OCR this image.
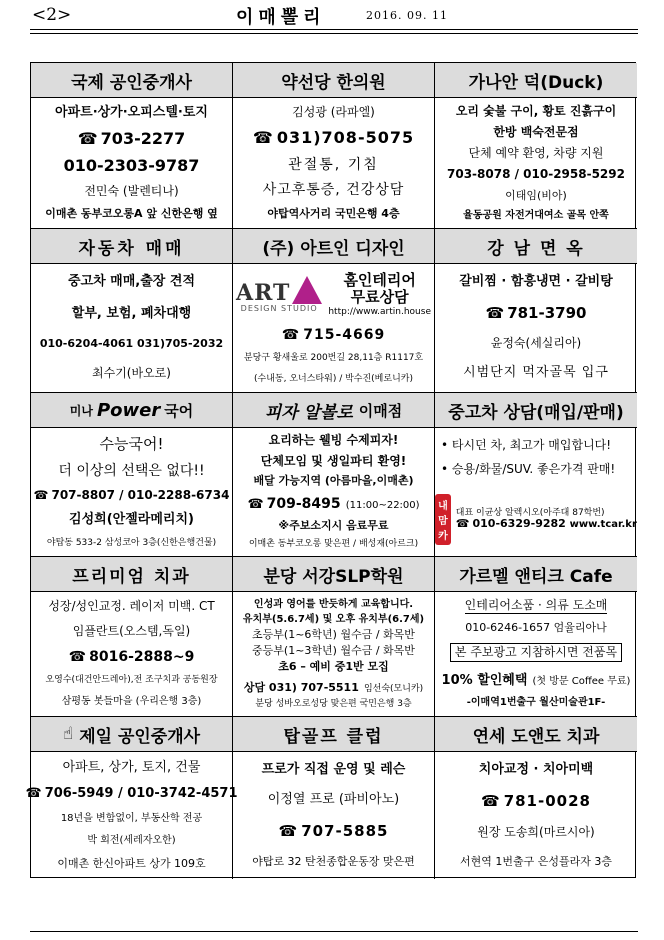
<2>	이매뽈리	2016. 09. 11
국제 공인중개사
아파트·상가·오피스텔·토지
☎ 703-2277
010-2303-9787
전민숙 (발렌티나)
이매촌 동부코오롱A 앞 신한은행 옆
약선당 한의원
김성광 (라파엘)
☎ 031)708-5075
관절통, 기침
사고후통증, 건강상담
야탑역사거리 국민은행 4층
가나안 덕(Duck)
오리 숯불 구이, 황토 진흙구이
한방 백숙전문점
단체 예약 환영, 차량 지원
703-8078 / 010-2958-5292
이태임(비아)
율동공원 자전거대여소 골목 안쪽
자동차 매매
중고차 매매,출장 견적
할부, 보험, 폐차대행
010-6204-4061 031)705-2032
최수기(바오로)
(주) 아트인 디자인
ART
DESIGN STUDIO
홈인테리어
무료상담
http://www.artin.house
☎ 715-4669
분당구 황새울로 200번길 28,11층 R1117호
(수내동, 오너스타워) / 박수진(베로니카)
강 남 면 옥
갈비찜 · 함흥냉면 · 갈비탕
☎ 781-3790
윤정숙(세실리아)
시범단지 먹자골목 입구
미나 Power 국어
수능국어!
더 이상의 선택은 없다!!
☎ 707-8807 / 010-2288-6734
김성희(안젤라메리치)
야탑동 533-2 삼성코아 3층(신한은행건물)
피자 알볼로
이매점
요리하는 웰빙 수제피자!
단체모임 및 생일파티 환영!
배달 가능지역 (아름마을,이매촌)
☎ 709-8495 (11:00~22:00)
※주보소지시 음료무료
이매촌 동부코오롱 맞은편 / 배성재(아르크)
중고차 상담(매입/판매)
• 타시던 차, 최고가 매입합니다!
• 승용/화물/SUV. 좋은가격 판매!
내맘카
대표 이균상 알렉시오(아주대 87학번)
☎ 010-6329-9282 www.tcar.kr
프리미엄 치과
성장/성인교정. 레이저 미백. CT
임플란트(오스템,독일)
☎ 8016-2888~9
오영수(대건안드레아),전 조구치과 공동원장
삼평동 봇들마을 (우리은행 3층)
분당 서강SLP학원
인성과 영어를 반듯하게 교육합니다.
유치부(5.6.7세) 및 오후 유치부(6.7세)
초등부(1~6학년) 월수금 / 화목반
중등부(1~3학년) 월수금 / 화목반
초6 – 예비 중1반 모집
상담 031) 707-5511 임선숙(모니카)
분당 성바오로성당 맞은편 국민은행 3층
가르멜 앤티크 Cafe
인테리어소품 · 의류 도소매
010-6246-1657 엄율리아나
본 주보광고 지참하시면 전품목
10% 할인혜택 (첫 방문 Coffee 무료)
-이매역1번출구 월산미술관1F-
☝
제일 공인중개사
아파트, 상가, 토지, 건물
☎ 706-5949 / 010-3742-4571
18년을 변함없이, 부동산학 전공
박 회전(세레자오한)
이매촌 한신아파트 상가 109호
탑골프 클럽
프로가 직접 운영 및 레슨
이정열 프로 (파비아노)
☎ 707-5885
야탑로 32 탄천종합운동장 맞은편
연세 도앤도 치과
치아교정 · 치아미백
☎ 781-0028
원장 도송희(마르시아)
서현역 1번출구 은성플라자 3층
